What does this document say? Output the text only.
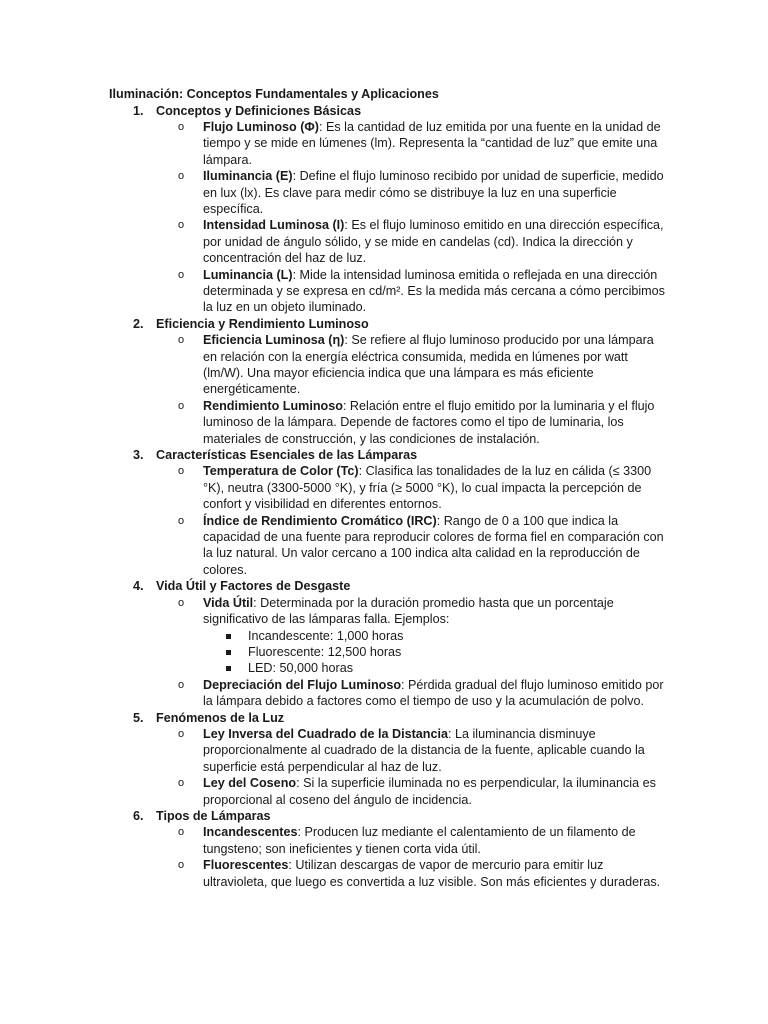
Iluminación: Conceptos Fundamentales y Aplicaciones
1. Conceptos y Definiciones Básicas
o Flujo Luminoso (Φ): Es la cantidad de luz emitida por una fuente en la unidad de tiempo y se mide en lúmenes (lm). Representa la “cantidad de luz” que emite una lámpara.
o Iluminancia (E): Define el flujo luminoso recibido por unidad de superficie, medido en lux (lx). Es clave para medir cómo se distribuye la luz en una superficie específica.
o Intensidad Luminosa (I): Es el flujo luminoso emitido en una dirección específica, por unidad de ángulo sólido, y se mide en candelas (cd). Indica la dirección y concentración del haz de luz.
o Luminancia (L): Mide la intensidad luminosa emitida o reflejada en una dirección determinada y se expresa en cd/m². Es la medida más cercana a cómo percibimos la luz en un objeto iluminado.
2. Eficiencia y Rendimiento Luminoso
o Eficiencia Luminosa (η): Se refiere al flujo luminoso producido por una lámpara en relación con la energía eléctrica consumida, medida en lúmenes por watt (lm/W). Una mayor eficiencia indica que una lámpara es más eficiente energéticamente.
o Rendimiento Luminoso: Relación entre el flujo emitido por la luminaria y el flujo luminoso de la lámpara. Depende de factores como el tipo de luminaria, los materiales de construcción, y las condiciones de instalación.
3. Características Esenciales de las Lámparas
o Temperatura de Color (Tc): Clasifica las tonalidades de la luz en cálida (≤ 3300 °K), neutra (3300-5000 °K), y fría (≥ 5000 °K), lo cual impacta la percepción de confort y visibilidad en diferentes entornos.
o Índice de Rendimiento Cromático (IRC): Rango de 0 a 100 que indica la capacidad de una fuente para reproducir colores de forma fiel en comparación con la luz natural. Un valor cercano a 100 indica alta calidad en la reproducción de colores.
4. Vida Útil y Factores de Desgaste
o Vida Útil: Determinada por la duración promedio hasta que un porcentaje significativo de las lámparas falla. Ejemplos:
Incandescente: 1,000 horas
Fluorescente: 12,500 horas
LED: 50,000 horas
o Depreciación del Flujo Luminoso: Pérdida gradual del flujo luminoso emitido por la lámpara debido a factores como el tiempo de uso y la acumulación de polvo.
5. Fenómenos de la Luz
o Ley Inversa del Cuadrado de la Distancia: La iluminancia disminuye proporcionalmente al cuadrado de la distancia de la fuente, aplicable cuando la superficie está perpendicular al haz de luz.
o Ley del Coseno: Si la superficie iluminada no es perpendicular, la iluminancia es proporcional al coseno del ángulo de incidencia.
6. Tipos de Lámparas
o Incandescentes: Producen luz mediante el calentamiento de un filamento de tungsteno; son ineficientes y tienen corta vida útil.
o Fluorescentes: Utilizan descargas de vapor de mercurio para emitir luz ultravioleta, que luego es convertida a luz visible. Son más eficientes y duraderas.
